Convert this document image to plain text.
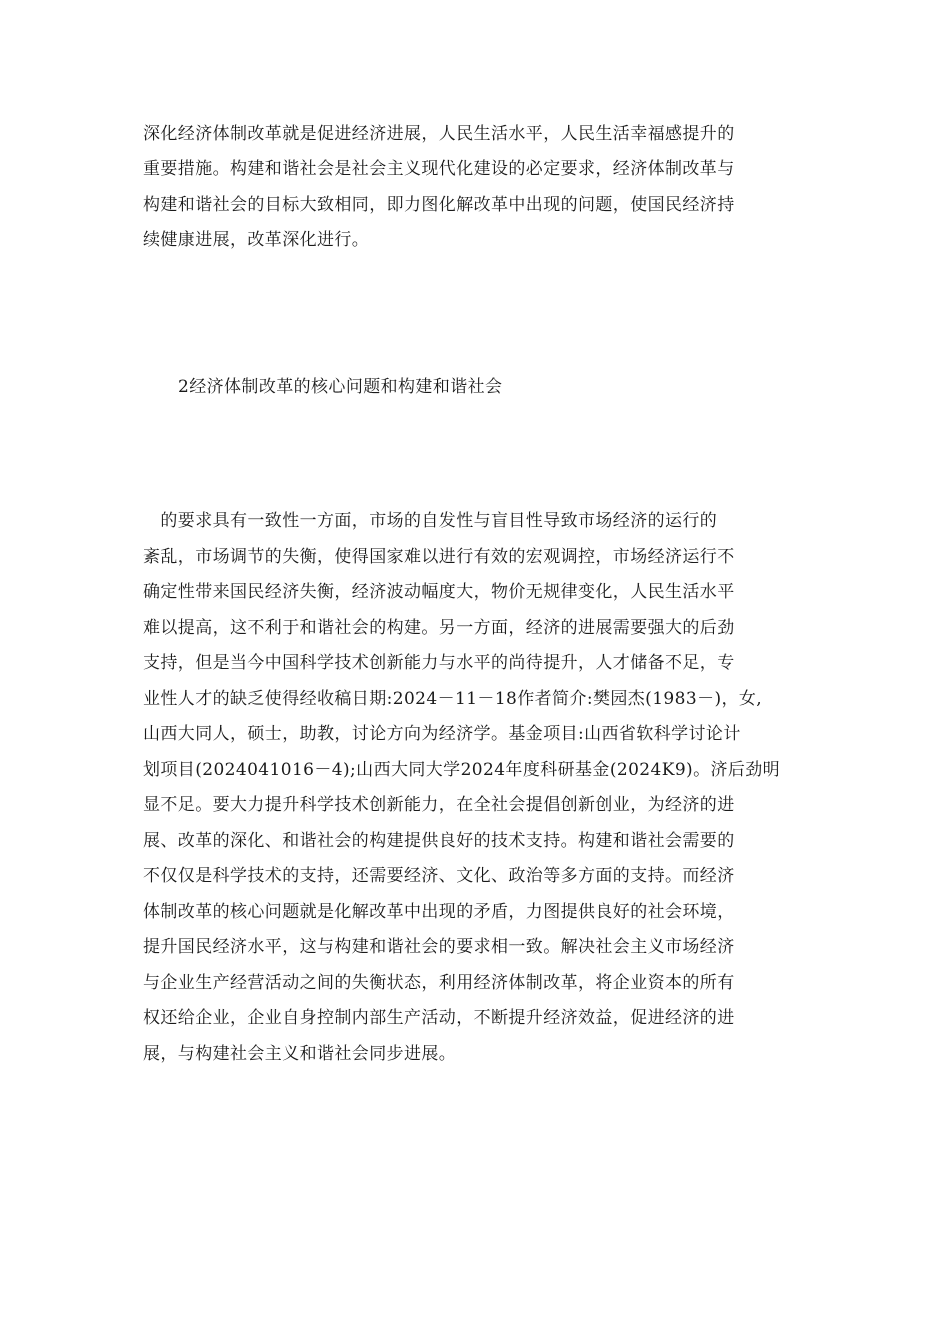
深化经济体制改革就是促进经济进展，人民生活水平，人民生活幸福感提升的
重要措施。构建和谐社会是社会主义现代化建设的必定要求，经济体制改革与
构建和谐社会的目标大致相同，即力图化解改革中出现的问题，使国民经济持
续健康进展，改革深化进行。
2经济体制改革的核心问题和构建和谐社会
　的要求具有一致性一方面，市场的自发性与盲目性导致市场经济的运行的
紊乱，市场调节的失衡，使得国家难以进行有效的宏观调控，市场经济运行不
确定性带来国民经济失衡，经济波动幅度大，物价无规律变化，人民生活水平
难以提高，这不利于和谐社会的构建。另一方面，经济的进展需要强大的后劲
支持，但是当今中国科学技术创新能力与水平的尚待提升，人才储备不足，专
业性人才的缺乏使得经收稿日期:2024－11－18作者简介:樊园杰(1983－)，女,
山西大同人，硕士，助教，讨论方向为经济学。基金项目:山西省软科学讨论计
划项目(2024041016－4);山西大同大学2024年度科研基金(2024K9)。济后劲明
显不足。要大力提升科学技术创新能力，在全社会提倡创新创业，为经济的进
展、改革的深化、和谐社会的构建提供良好的技术支持。构建和谐社会需要的
不仅仅是科学技术的支持，还需要经济、文化、政治等多方面的支持。而经济
体制改革的核心问题就是化解改革中出现的矛盾，力图提供良好的社会环境，
提升国民经济水平，这与构建和谐社会的要求相一致。解决社会主义市场经济
与企业生产经营活动之间的失衡状态，利用经济体制改革，将企业资本的所有
权还给企业，企业自身控制内部生产活动，不断提升经济效益，促进经济的进
展，与构建社会主义和谐社会同步进展。
